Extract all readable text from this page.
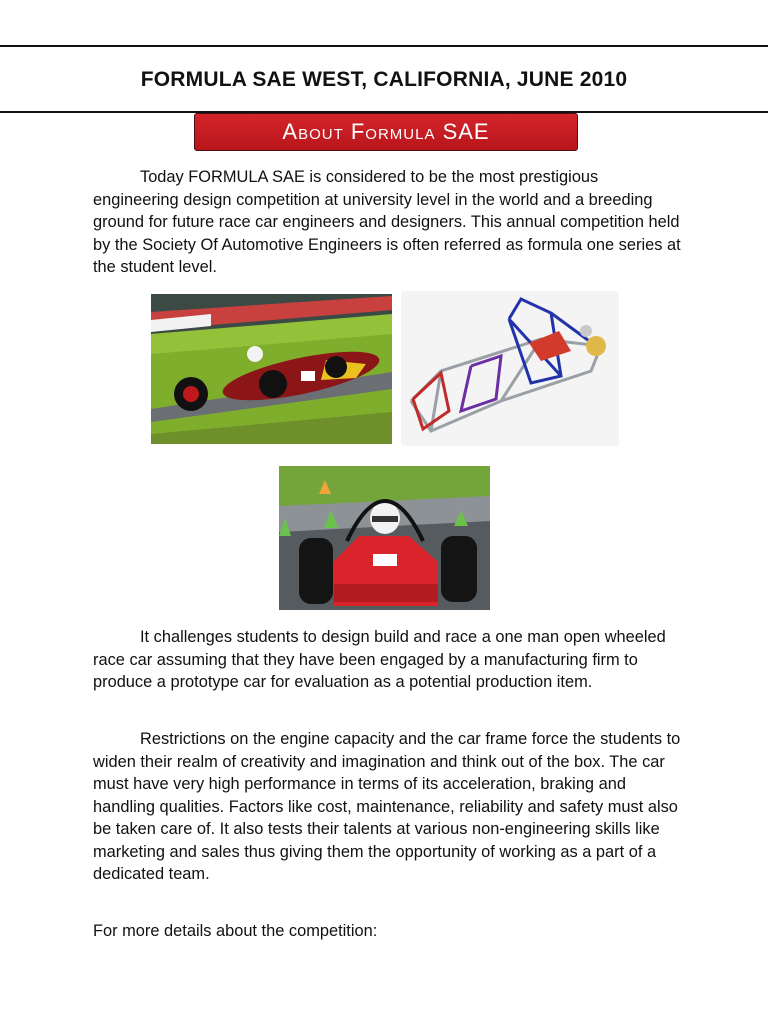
FORMULA SAE WEST, CALIFORNIA, JUNE 2010
About Formula SAE

Today FORMULA SAE is considered to be the most prestigious engineering design competition at university level in the world and a breeding ground for future race car engineers and designers. This annual competition held by the Society Of Automotive Engineers is often referred as formula one series at the student level.

It challenges students to design build and race a one man open wheeled race car assuming that they have been engaged by a manufacturing firm to produce a prototype car for evaluation as a potential production item.

Restrictions on the engine capacity and the car frame force the students to widen their realm of creativity and imagination and think out of the box. The car must have very high performance in terms of its acceleration, braking and handling qualities. Factors like cost, maintenance, reliability and safety must also be taken care of. It also tests their talents at various non-engineering skills like marketing and sales thus giving them the opportunity of working as a part of a dedicated team.

For more details about the competition:
